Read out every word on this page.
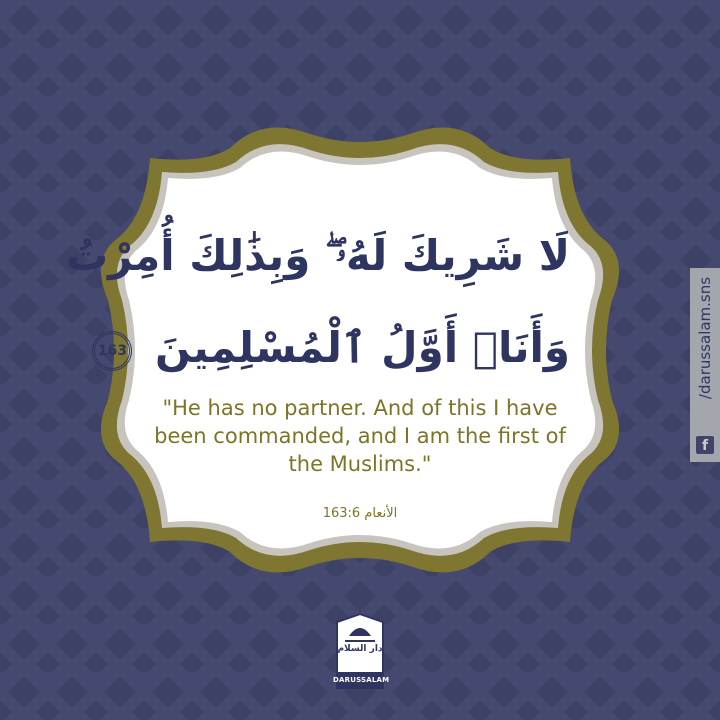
لَا شَرِيكَ لَهُۥ ۖ وَبِذَٰلِكَ أُمِرْتُ
وَأَنَا۠ أَوَّلُ ٱلْمُسْلِمِينَ 163
"He has no partner. And of this I have been commanded, and I am the first of the Muslims."
الأنعام 163:6
/darussalam.sns
f
دار السلام
DARUSSALAM
